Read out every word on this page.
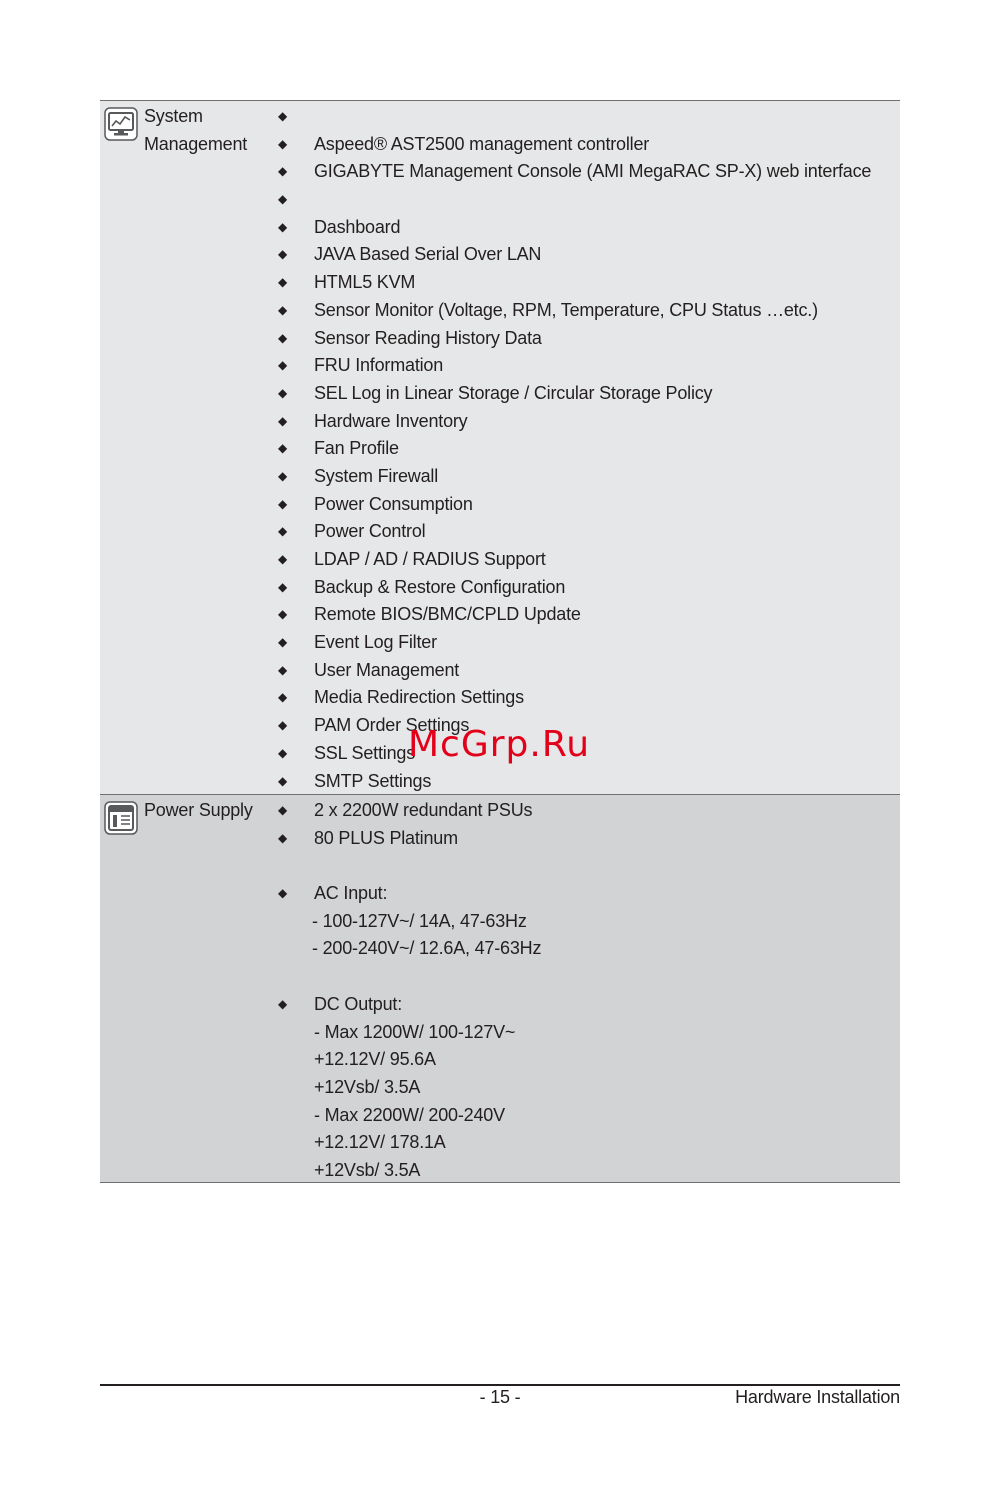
System
Management
◆
◆ Aspeed® AST2500 management controller
◆ GIGABYTE Management Console (AMI MegaRAC SP-X) web interface
◆
◆ Dashboard
◆ JAVA Based Serial Over LAN
◆ HTML5 KVM
◆ Sensor Monitor (Voltage, RPM, Temperature, CPU Status …etc.)
◆ Sensor Reading History Data
◆ FRU Information
◆ SEL Log in Linear Storage / Circular Storage Policy
◆ Hardware Inventory
◆ Fan Profile
◆ System Firewall
◆ Power Consumption
◆ Power Control
◆ LDAP / AD / RADIUS Support
◆ Backup & Restore Configuration
◆ Remote BIOS/BMC/CPLD Update
◆ Event Log Filter
◆ User Management
◆ Media Redirection Settings
◆ PAM Order Settings
◆ SSL Settings
◆ SMTP Settings
Power Supply	◆ 2 x 2200W redundant PSUs
◆ 80 PLUS Platinum
◆ AC Input:
- 100-127V~/ 14A, 47-63Hz
- 200-240V~/ 12.6A, 47-63Hz
◆ DC Output:
- Max 1200W/ 100-127V~
+12.12V/ 95.6A
+12Vsb/ 3.5A
- Max 2200W/ 200-240V
+12.12V/ 178.1A
+12Vsb/ 3.5A
McGrp.Ru
- 15 -	Hardware Installation
